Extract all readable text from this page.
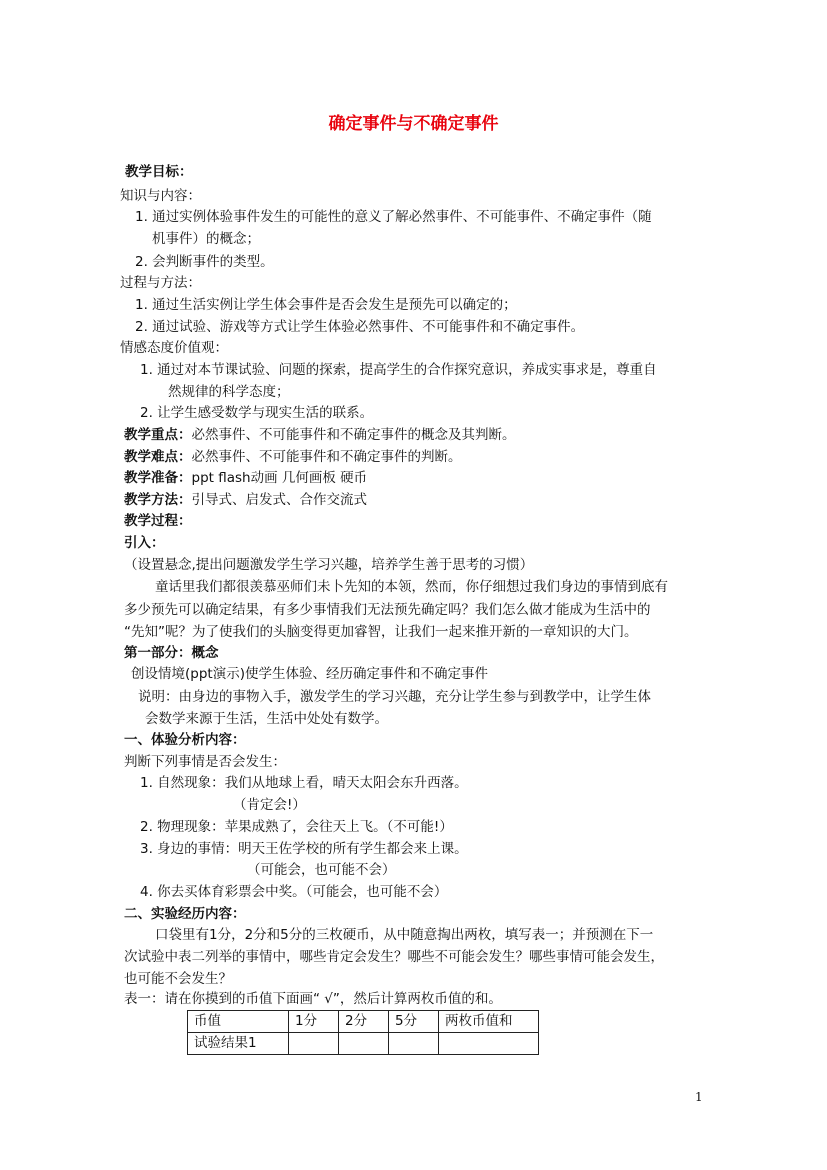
确定事件与不确定事件
教学目标：
知识与内容：
1. 通过实例体验事件发生的可能性的意义了解必然事件、不可能事件、不确定事件（随
机事件）的概念；
2. 会判断事件的类型。
过程与方法：
1. 通过生活实例让学生体会事件是否会发生是预先可以确定的；
2. 通过试验、游戏等方式让学生体验必然事件、不可能事件和不确定事件。
情感态度价值观：
1. 通过对本节课试验、问题的探索，提高学生的合作探究意识，养成实事求是，尊重自
然规律的科学态度；
2. 让学生感受数学与现实生活的联系。
教学重点：必然事件、不可能事件和不确定事件的概念及其判断。
教学难点：必然事件、不可能事件和不确定事件的判断。
教学准备：ppt flash动画 几何画板 硬币
教学方法：引导式、启发式、合作交流式
教学过程：
引入：
（设置悬念,提出问题激发学生学习兴趣，培养学生善于思考的习惯）
童话里我们都很羡慕巫师们未卜先知的本领，然而，你仔细想过我们身边的事情到底有
多少预先可以确定结果，有多少事情我们无法预先确定吗？我们怎么做才能成为生活中的
“先知”呢？为了使我们的头脑变得更加睿智，让我们一起来推开新的一章知识的大门。
第一部分：概念
创设情境(ppt演示)使学生体验、经历确定事件和不确定事件
说明：由身边的事物入手，激发学生的学习兴趣，充分让学生参与到教学中，让学生体
会数学来源于生活，生活中处处有数学。
一、体验分析内容：
判断下列事情是否会发生：
1. 自然现象：我们从地球上看，晴天太阳会东升西落。
（肯定会!）
2. 物理现象：苹果成熟了，会往天上飞。（不可能!）
3. 身边的事情：明天王佐学校的所有学生都会来上课。
（可能会，也可能不会）
4. 你去买体育彩票会中奖。（可能会，也可能不会）
二、实验经历内容：
口袋里有1分，2分和5分的三枚硬币，从中随意掏出两枚，填写表一；并预测在下一
次试验中表二列举的事情中，哪些肯定会发生？哪些不可能会发生？哪些事情可能会发生，
也可能不会发生？
表一：请在你摸到的币值下面画“ √”，然后计算两枚币值的和。
币值	1分	2分	5分	两枚币值和
试验结果1				
1
